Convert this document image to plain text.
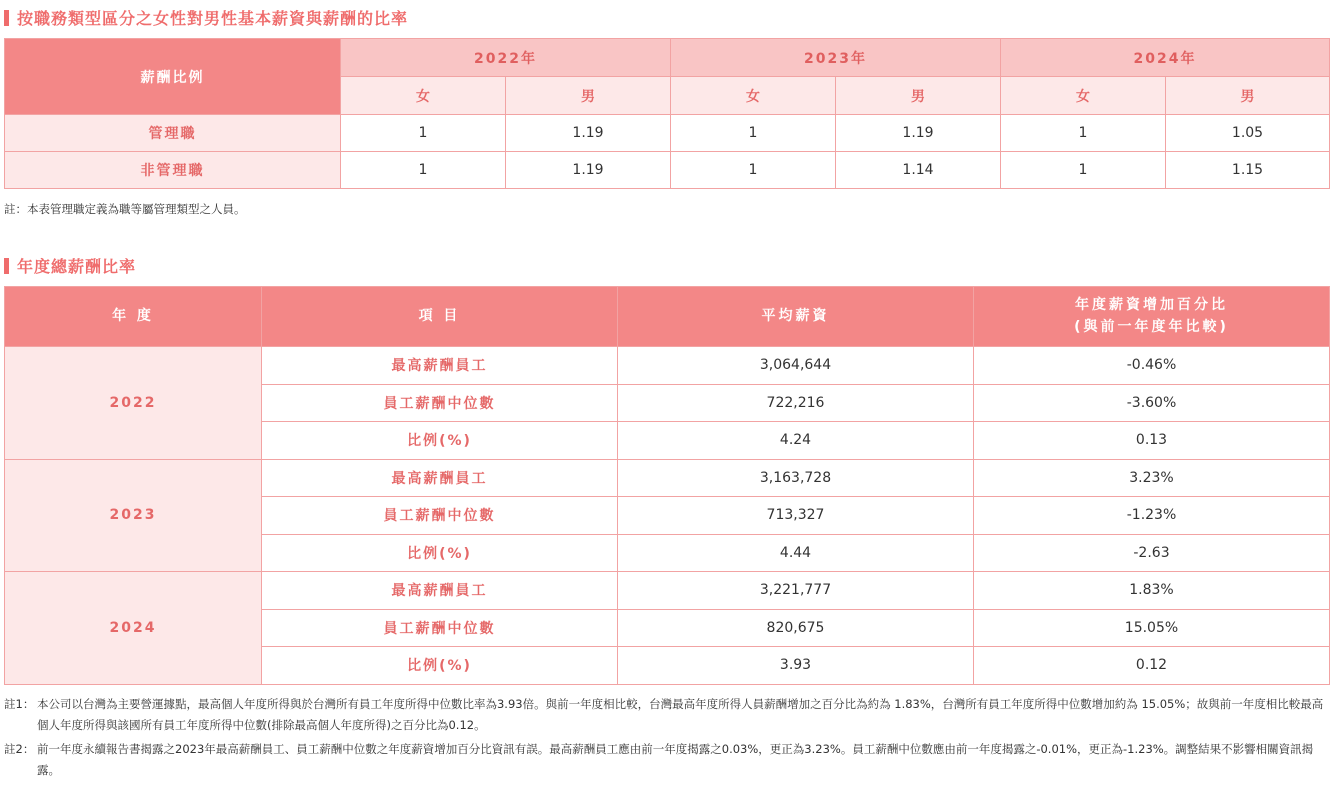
按職務類型區分之女性對男性基本薪資與薪酬的比率
薪酬比例	2022年		2023年		2024年	
	女	男	女	男	女	男
管理職	1	1.19	1	1.19	1	1.05
非管理職	1	1.19	1	1.14	1	1.15
註：本表管理職定義為職等屬管理類型之人員。
年度總薪酬比率
年 度	項 目	平均薪資	年度薪資增加百分比
(與前一年度年比較)

2022	最高薪酬員工	3,064,644	-0.46%
	員工薪酬中位數	722,216	-3.60%
	比例(%)	4.24	0.13
2023	最高薪酬員工	3,163,728	3.23%
	員工薪酬中位數	713,327	-1.23%
	比例(%)	4.44	-2.63
2024	最高薪酬員工	3,221,777	1.83%
	員工薪酬中位數	820,675	15.05%
	比例(%)	3.93	0.12
註1： 本公司以台灣為主要營運據點，最高個人年度所得與於台灣所有員工年度所得中位數比率為3.93倍。與前一年度相比較，台灣最高年度所得人員薪酬增加之百分比為約為 1.83%，台灣所有員工年度所得中位數增加約為 15.05%；故與前一年度相比較最高個人年度所得與該國所有員工年度所得中位數(排除最高個人年度所得)之百分比為0.12。
註2： 前一年度永續報告書揭露之2023年最高薪酬員工、員工薪酬中位數之年度薪資增加百分比資訊有誤。最高薪酬員工應由前一年度揭露之0.03%，更正為3.23%。員工薪酬中位數應由前一年度揭露之-0.01%，更正為-1.23%。調整結果不影響相關資訊揭露。
